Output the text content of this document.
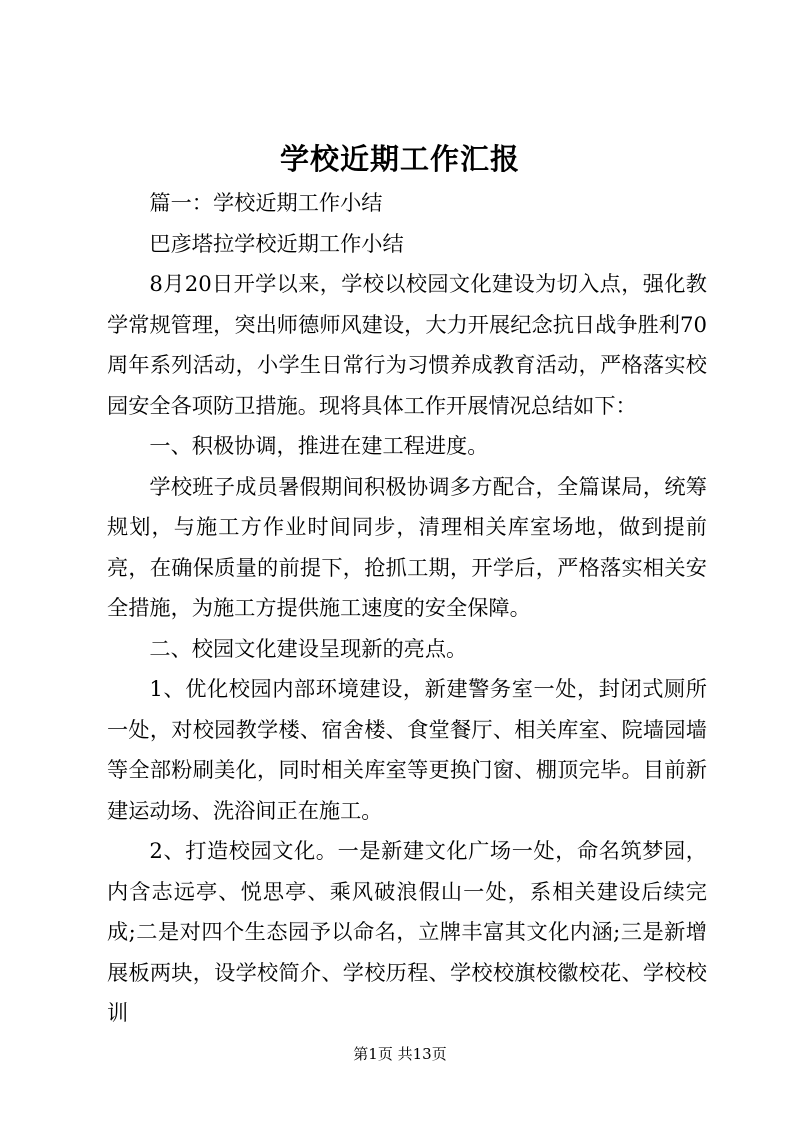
学校近期工作汇报

篇一：学校近期工作小结

巴彦塔拉学校近期工作小结

8月20日开学以来，学校以校园文化建设为切入点，强化教学常规管理，突出师德师风建设，大力开展纪念抗日战争胜利70周年系列活动，小学生日常行为习惯养成教育活动，严格落实校园安全各项防卫措施。现将具体工作开展情况总结如下：

一、积极协调，推进在建工程进度。

学校班子成员暑假期间积极协调多方配合，全篇谋局，统筹规划，与施工方作业时间同步，清理相关库室场地，做到提前亮，在确保质量的前提下，抢抓工期，开学后，严格落实相关安全措施，为施工方提供施工速度的安全保障。

二、校园文化建设呈现新的亮点。

1、优化校园内部环境建设，新建警务室一处，封闭式厕所一处，对校园教学楼、宿舍楼、食堂餐厅、相关库室、院墙园墙等全部粉刷美化，同时相关库室等更换门窗、棚顶完毕。目前新建运动场、洗浴间正在施工。

2、打造校园文化。一是新建文化广场一处，命名筑梦园，内含志远亭、悦思亭、乘风破浪假山一处，系相关建设后续完成;二是对四个生态园予以命名，立牌丰富其文化内涵;三是新增展板两块，设学校简介、学校历程、学校校旗校徽校花、学校校训

第1页 共13页
